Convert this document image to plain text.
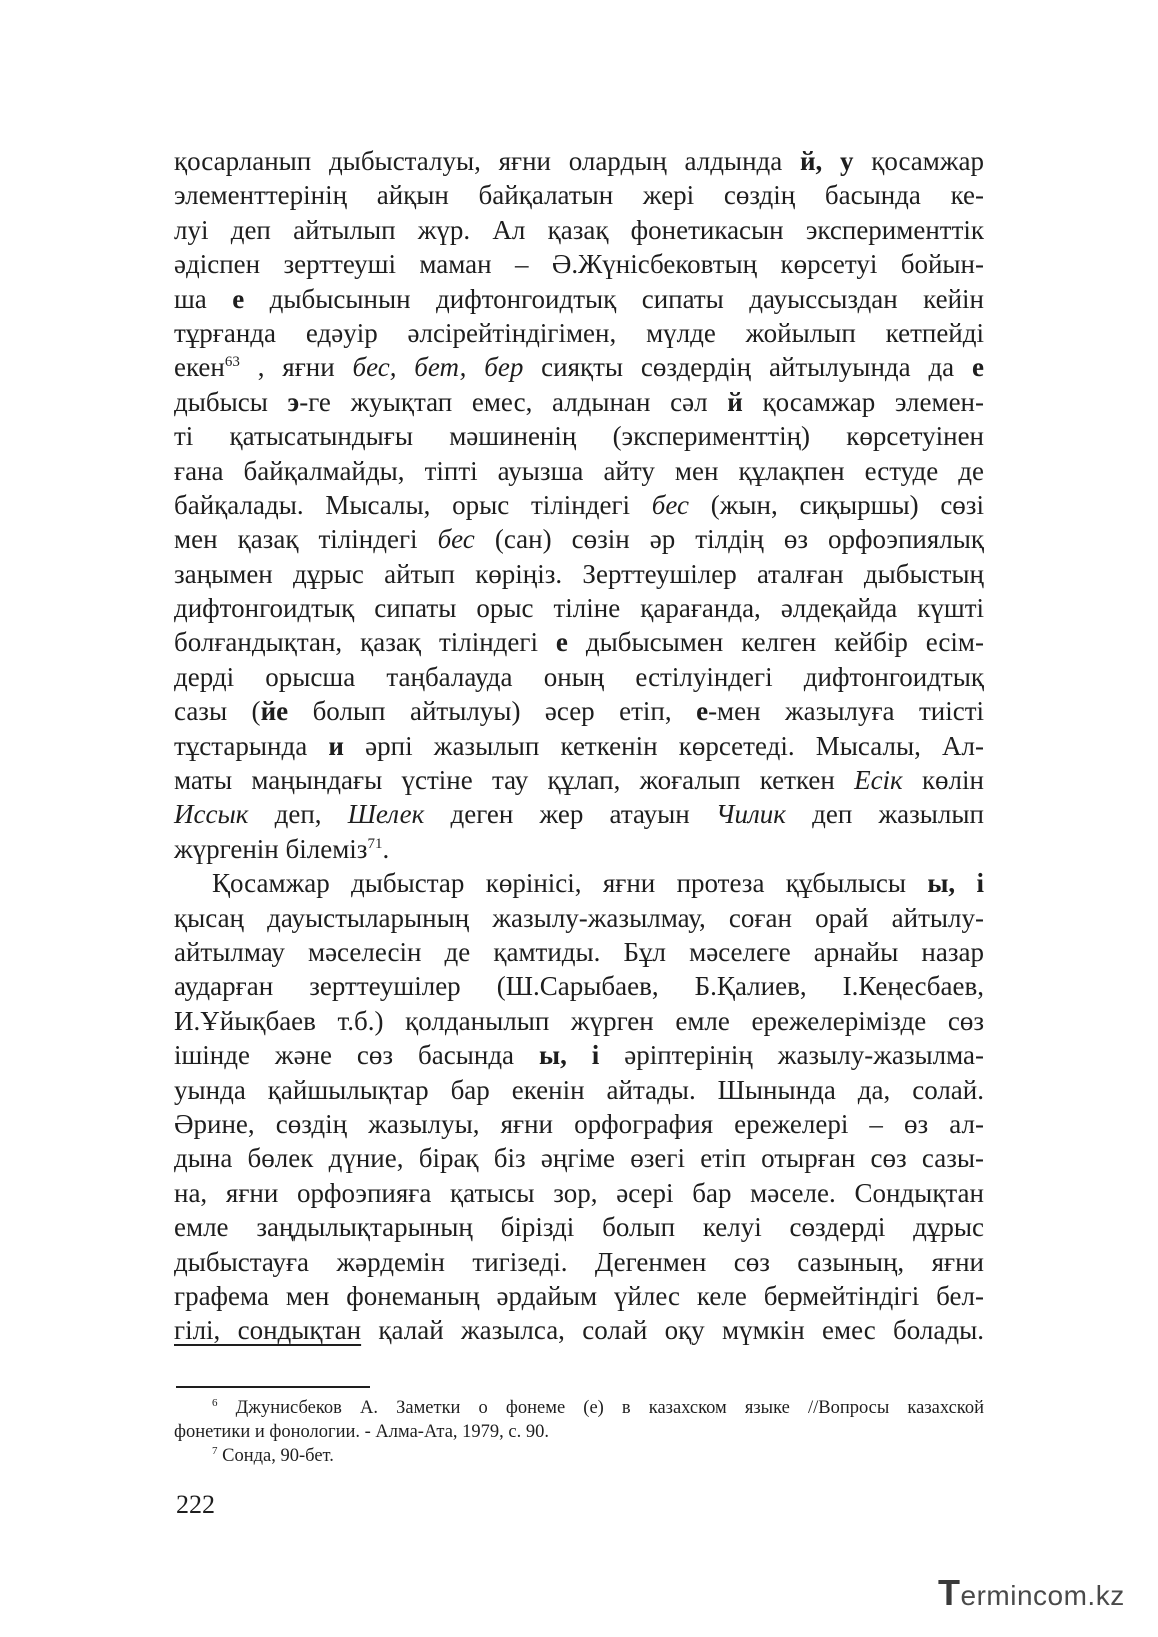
қосарланып дыбысталуы, яғни олардың алдында й, у қосамжар

элементтерінің айқын байқалатын жері сөздің басында ке-

луі деп айтылып жүр. Ал қазақ фонетикасын эксперименттік

әдіспен зерттеуші маман – Ә.Жүнісбековтың көрсетуі бойын-

ша е дыбысынын дифтонгоидтық сипаты дауыссыздан кейін

тұрғанда едәуір әлсірейтіндігімен, мүлде жойылып кетпейді

екен$^{63}$ , яғни бес, бет, бер сияқты сөздердің айтылуында да е

дыбысы э-ге жуықтап емес, алдынан сәл й қосамжар элемен-

ті қатысатындығы мәшиненің (эксперименттің) көрсетуінен

ғана байқалмайды, тіпті ауызша айту мен құлақпен естуде де

байқалады. Мысалы, орыс тіліндегі бес (жын, сиқыршы) сөзі

мен қазақ тіліндегі бес (сан) сөзін әр тілдің өз орфоэпиялық

заңымен дұрыс айтып көріңіз. Зерттеушілер аталған дыбыстың

дифтонгоидтық сипаты орыс тіліне қарағанда, әлдеқайда күшті

болғандықтан, қазақ тіліндегі е дыбысымен келген кейбір есім-

дерді орысша таңбалауда оның естілуіндегі дифтонгоидтық

сазы (йе болып айтылуы) әсер етіп, е-мен жазылуға тиісті

тұстарында и әрпі жазылып кеткенін көрсетеді. Мысалы, Ал-

маты маңындағы үстіне тау құлап, жоғалып кеткен Есік көлін

Иссык деп, Шелек деген жер атауын Чилик деп жазылып

жүргенін білеміз$^{71}$.

Қосамжар дыбыстар көрінісі, яғни протеза құбылысы ы, і

қысаң дауыстыларының жазылу-жазылмау, соған орай айтылу-

айтылмау мәселесін де қамтиды. Бұл мәселеге арнайы назар

аударған зерттеушілер (Ш.Сарыбаев, Б.Қалиев, І.Кеңесбаев,

И.Ұйықбаев т.б.) қолданылып жүрген емле ережелерімізде сөз

ішінде және сөз басында ы, і әріптерінің жазылу-жазылма-

уында қайшылықтар бар екенін айтады. Шынында да, солай.

Әрине, сөздің жазылуы, яғни орфография ережелері – өз ал-

дына бөлек дүние, бірақ біз әңгіме өзегі етіп отырған сөз сазы-

на, яғни орфоэпияға қатысы зор, әсері бар мәселе. Сондықтан

емле заңдылықтарының бірізді болып келуі сөздерді дұрыс

дыбыстауға жәрдемін тигізеді. Дегенмен сөз сазының, яғни

графема мен фонеманың әрдайым үйлес келе бермейтіндігі бел-

гілі, сондықтан қалай жазылса, солай оқу мүмкін емес болады.

$^6$ Джунисбеков А. Заметки о фонеме (е) в казахском языке //Вопросы казахской

фонетики и фонологии. - Алма-Ата, 1979, с. 90.

$^7$ Сонда, 90-бет.

222
Termincom.kz
